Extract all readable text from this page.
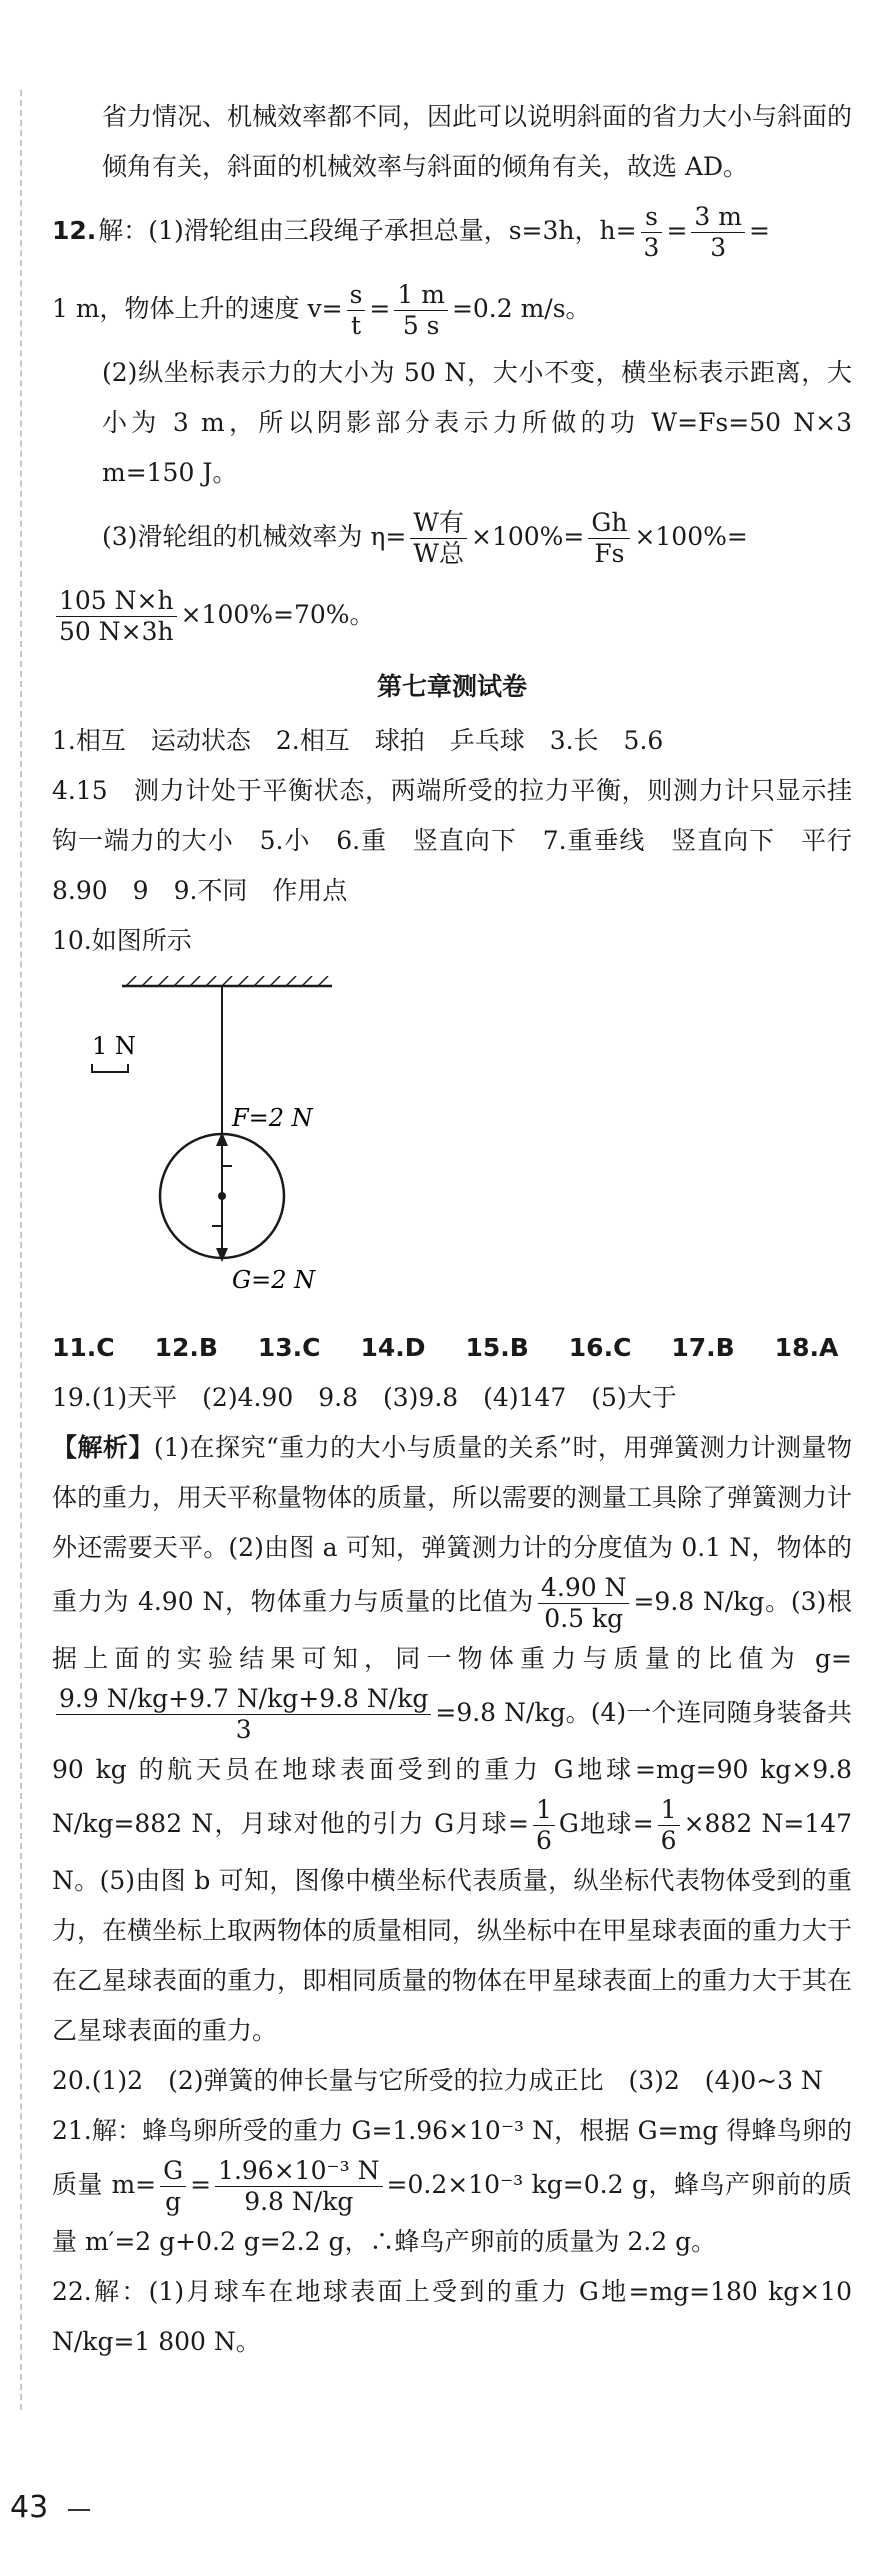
省力情况、机械效率都不同，因此可以说明斜面的省力大小与斜面的倾角有关，斜面的机械效率与斜面的倾角有关，故选 AD。

12.解：(1)滑轮组由三段绳子承担总量，s=3h，$h= \frac{s}{3} = \frac{3 m}{3}$ =

1 m，物体上升的速度 $v= \frac{s}{t} = \frac{1 m}{5 s} =0.2$ m/s。

(2)纵坐标表示力的大小为 50 N，大小不变，横坐标表示距离，大小为 3 m，所以阴影部分表示力所做的功 W=Fs=50 N×3 m=150 J。

(3)滑轮组的机械效率为 $\eta= \frac{\text{W有}}{\text{W总}} \times 100\%= \frac{Gh}{Fs} \times 100\%=$

$\frac{105 N\times h}{50 N\times 3h} \times 100\%=70\%$。

第七章测试卷

1.相互　运动状态　2.相互　球拍　乒乓球　3.长　5.6

4.15　测力计处于平衡状态，两端所受的拉力平衡，则测力计只显示挂钩一端力的大小　5.小　6.重　竖直向下　7.重垂线　竖直向下　平行　8.90　9　9.不同　作用点

10.如图所示

1 N
F=2 N
G=2 N

11.C 12.B 13.C 14.D 15.B 16.C 17.B 18.A

19.(1)天平　(2)4.90　9.8　(3)9.8　(4)147　(5)大于

【解析】(1)在探究“重力的大小与质量的关系”时，用弹簧测力计测量物体的重力，用天平称量物体的质量，所以需要的测量工具除了弹簧测力计外还需要天平。(2)由图 a 可知，弹簧测力计的分度值为 0.1 N，物体的重力为 4.90 N，物体重力与质量的比值为 $\frac{4.90 N}{0.5 kg} =9.8$ N/kg。(3)根据上面的实验结果可知，同一物体重力与质量的比值为 g=
$\frac{9.9 N/kg+9.7 N/kg+9.8 N/kg}{3} =9.8$ N/kg。(4)一个连同随身装备共 90 kg 的航天员在地球表面受到的重力 G地球=mg=90 kg×9.8 N/kg=882 N，月球对他的引力 G月球= $\frac{1}{6}$ G地球= $\frac{1}{6} \times 882$ N=147 N。(5)由图 b 可知，图像中横坐标代表质量，纵坐标代表物体受到的重力，在横坐标上取两物体的质量相同，纵坐标中在甲星球表面的重力大于在乙星球表面的重力，即相同质量的物体在甲星球表面上的重力大于其在乙星球表面的重力。

20.(1)2　(2)弹簧的伸长量与它所受的拉力成正比　(3)2　(4)0~3 N

21.解：蜂鸟卵所受的重力 G=1.96×10⁻³ N，根据 G=mg 得蜂鸟卵的质量 $m= \frac{G}{g} = \frac{\text{1.96×10⁻³ N}}{9.8 N/kg} =0.2\times 10^{-3}$ kg=0.2 g，蜂鸟产卵前的质量 m′=2 g+0.2 g=2.2 g，∴蜂鸟产卵前的质量为 2.2 g。

22.解：(1)月球车在地球表面上受到的重力 G地=mg=180 kg×10 N/kg=1 800 N。

43
